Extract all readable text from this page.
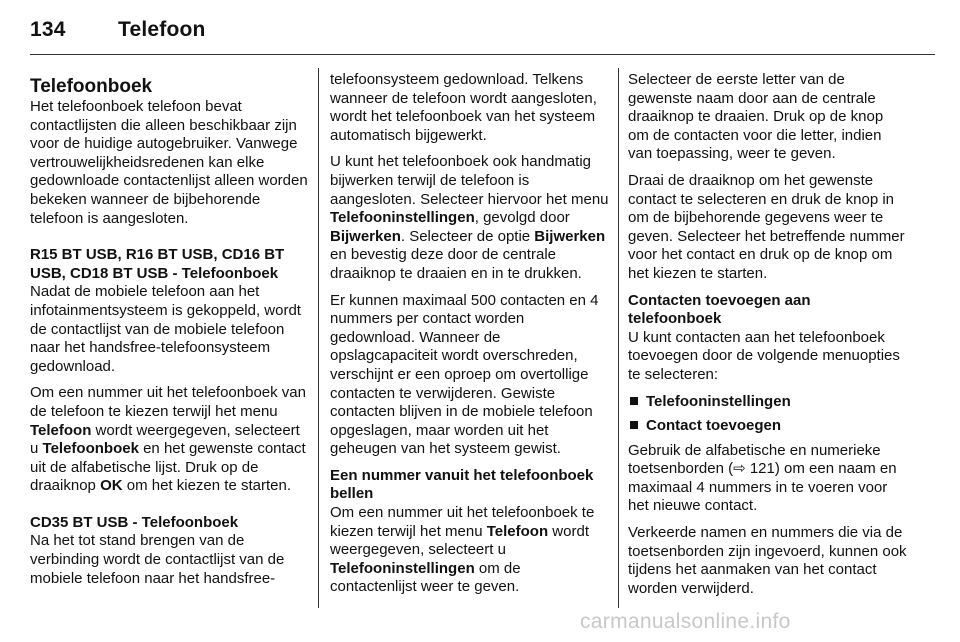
134 Telefoon
Telefoonboek

Het telefoonboek telefoon bevat contactlijsten die alleen beschikbaar zijn voor de huidige autogebruiker. Vanwege vertrouwelijkheidsredenen kan elke gedownloade contactenlijst alleen worden bekeken wanneer de bijbehorende telefoon is aangesloten.

R15 BT USB, R16 BT USB, CD16 BT USB, CD18 BT USB - Telefoonboek

Nadat de mobiele telefoon aan het infotainmentsysteem is gekoppeld, wordt de contactlijst van de mobiele telefoon naar het handsfree-telefoonsysteem gedownload.

Om een nummer uit het telefoonboek van de telefoon te kiezen terwijl het menu Telefoon wordt weergegeven, selecteert u Telefoonboek en het gewenste contact uit de alfabetische lijst. Druk op de draaiknop OK om het kiezen te starten.

CD35 BT USB - Telefoonboek

Na het tot stand brengen van de verbinding wordt de contactlijst van de mobiele telefoon naar het handsfree-

telefoonsysteem gedownload. Telkens wanneer de telefoon wordt aangesloten, wordt het telefoonboek van het systeem automatisch bijgewerkt.

U kunt het telefoonboek ook handmatig bijwerken terwijl de telefoon is aangesloten. Selecteer hiervoor het menu Telefooninstellingen, gevolgd door Bijwerken. Selecteer de optie Bijwerken en bevestig deze door de centrale draaiknop te draaien en in te drukken.

Er kunnen maximaal 500 contacten en 4 nummers per contact worden gedownload. Wanneer de opslagcapaciteit wordt overschreden, verschijnt er een oproep om overtollige contacten te verwijderen. Gewiste contacten blijven in de mobiele telefoon opgeslagen, maar worden uit het geheugen van het systeem gewist.

Een nummer vanuit het telefoonboek bellen

Om een nummer uit het telefoonboek te kiezen terwijl het menu Telefoon wordt weergegeven, selecteert u Telefooninstellingen om de contactenlijst weer te geven.

Selecteer de eerste letter van de gewenste naam door aan de centrale draaiknop te draaien. Druk op de knop om de contacten voor die letter, indien van toepassing, weer te geven.

Draai de draaiknop om het gewenste contact te selecteren en druk de knop in om de bijbehorende gegevens weer te geven. Selecteer het betreffende nummer voor het contact en druk op de knop om het kiezen te starten.

Contacten toevoegen aan telefoonboek

U kunt contacten aan het telefoonboek toevoegen door de volgende menuopties te selecteren:

Telefooninstellingen
Contact toevoegen

Gebruik de alfabetische en numerieke toetsenborden (⇨ 121) om een naam en maximaal 4 nummers in te voeren voor het nieuwe contact.

Verkeerde namen en nummers die via de toetsenborden zijn ingevoerd, kunnen ook tijdens het aanmaken van het contact worden verwijderd.

carmanualsonline.info
